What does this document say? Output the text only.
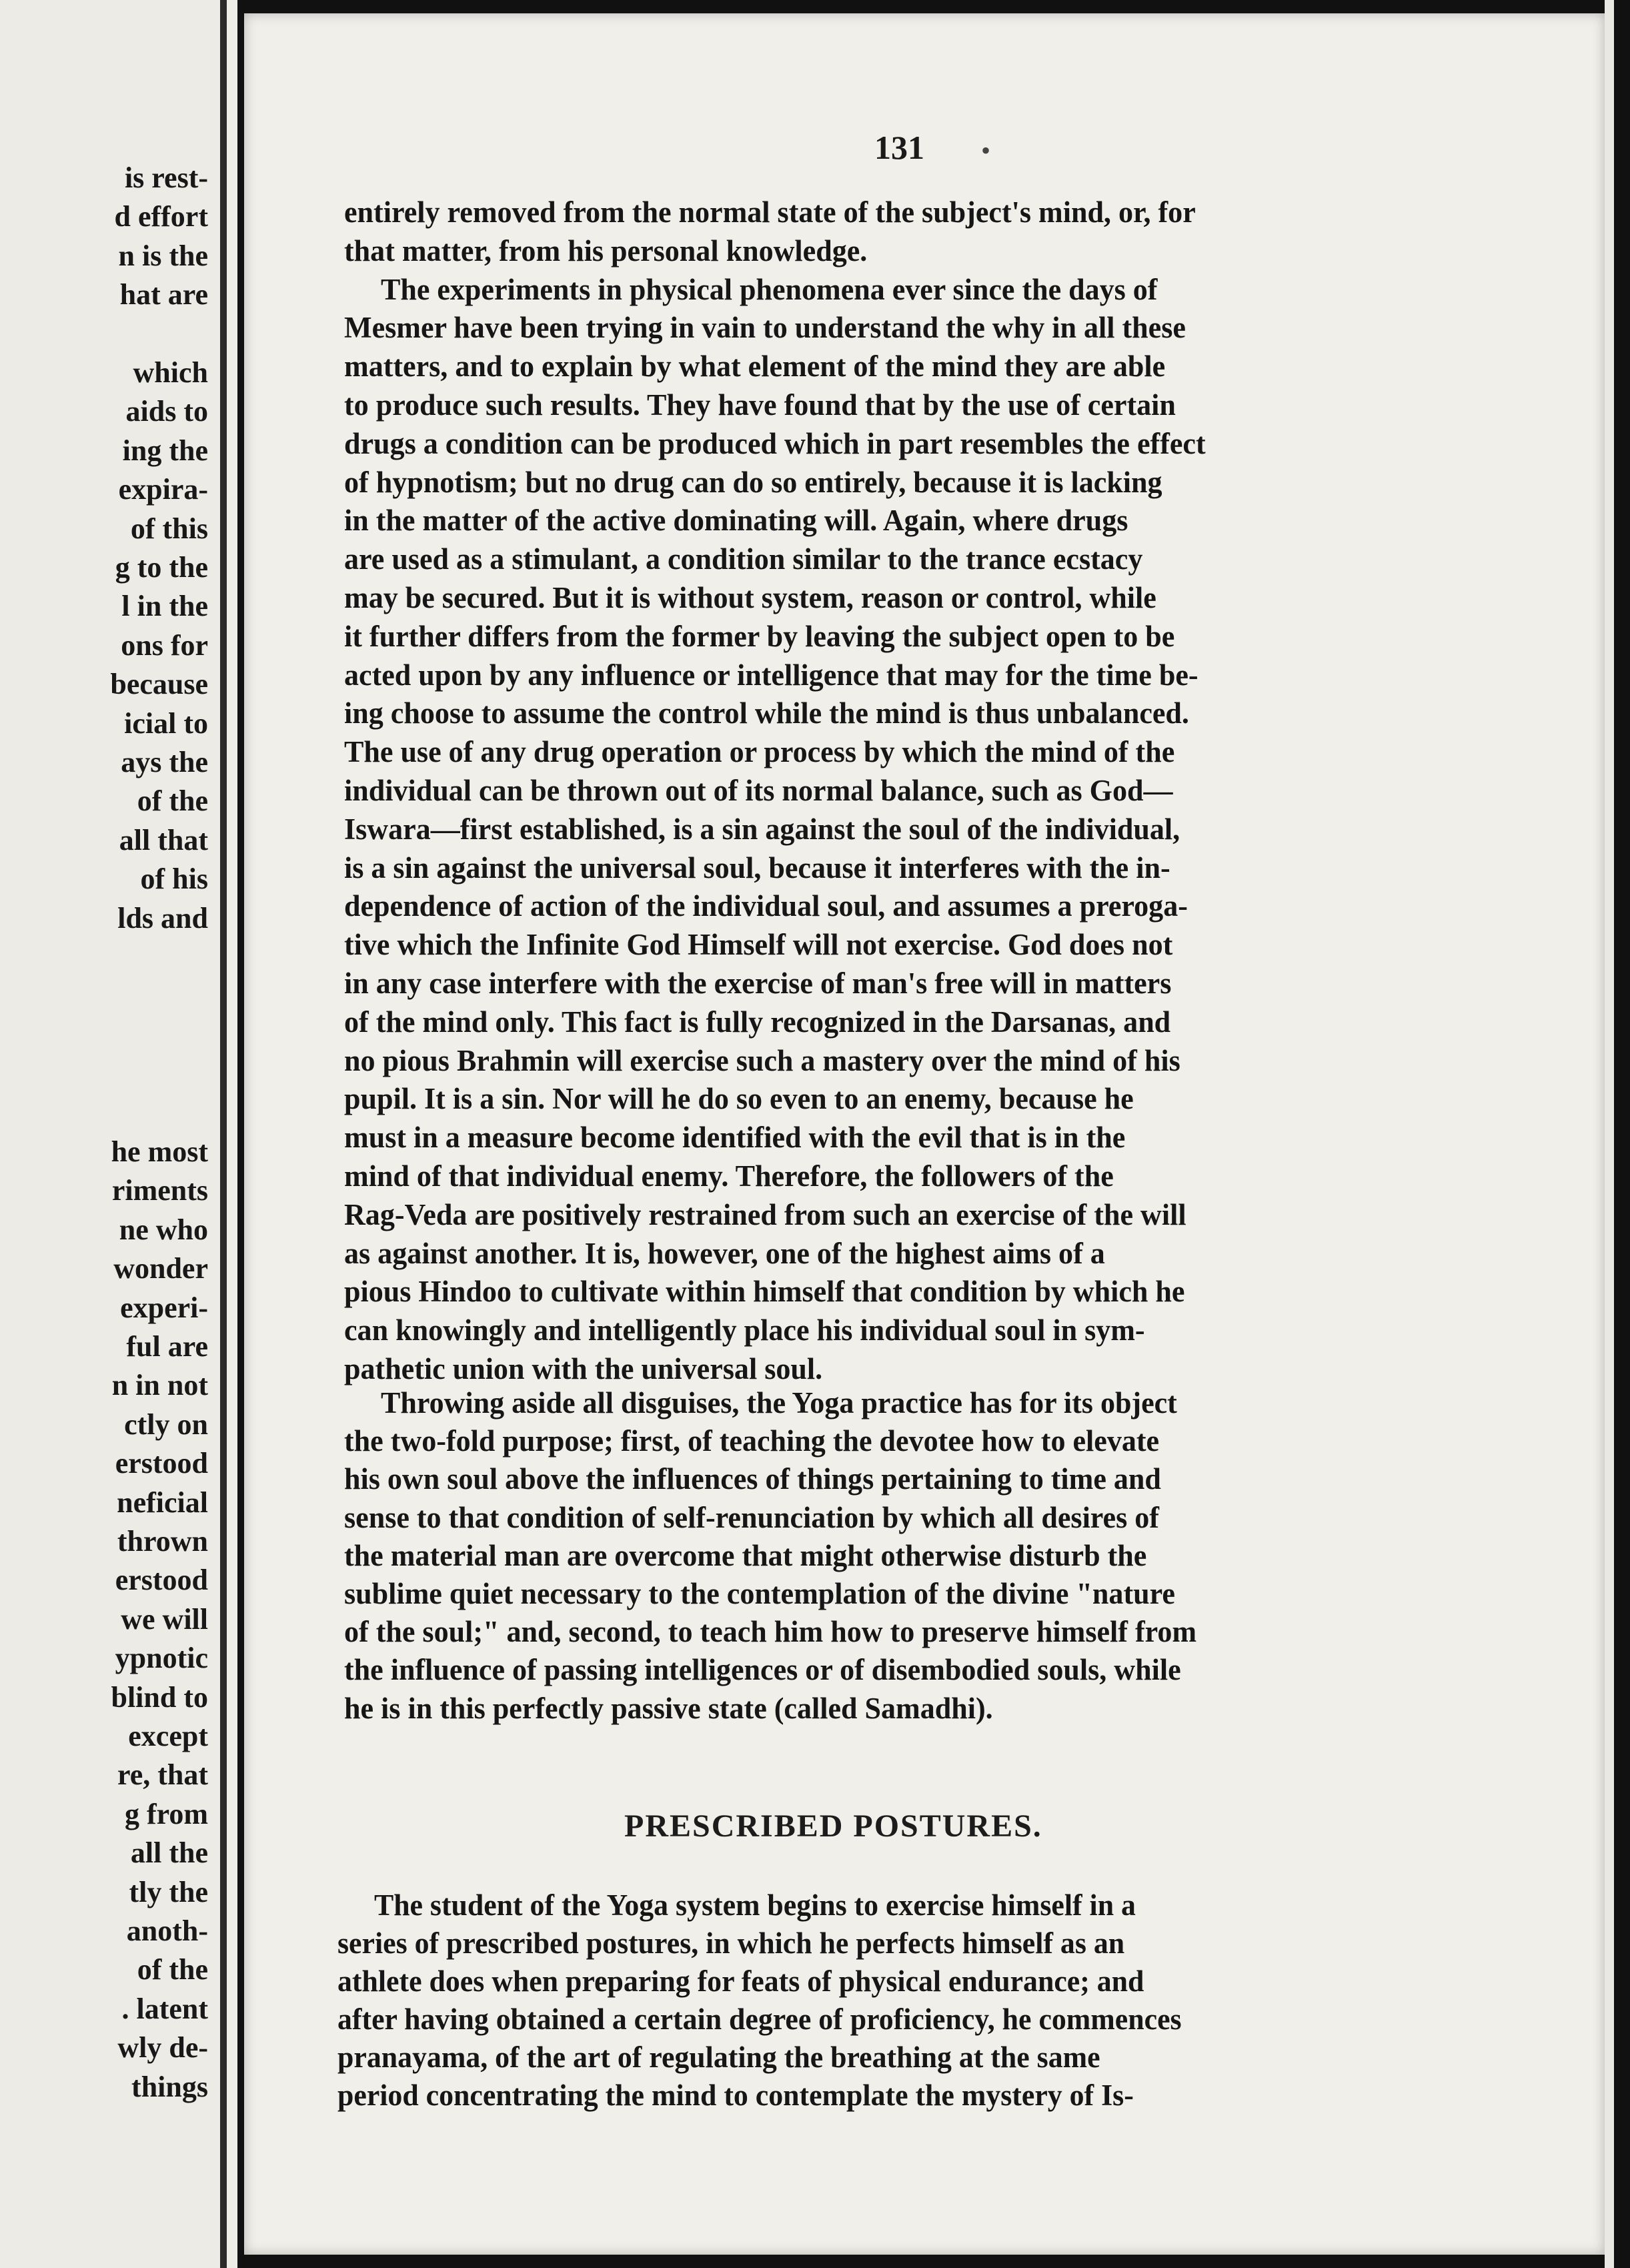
is rest-

d effort

n is the

hat are

which

aids to

ing the

expira-

of this

g to the

l in the

ons for

because

icial to

ays the

of the

all that

of his

lds and

he most

riments

ne who

wonder

experi-

ful are

n in not

ctly on

erstood

neficial

thrown

erstood

we will

ypnotic

blind to

except

re, that

g from

all the

tly the

anoth-

of the

. latent

wly de-

things

131 •

PRESCRIBED POSTURES.

entirely removed from the normal state of the subject's mind, or, for

that matter, from his personal knowledge.

The experiments in physical phenomena ever since the days of

Mesmer have been trying in vain to understand the why in all these

matters, and to explain by what element of the mind they are able

to produce such results. They have found that by the use of certain

drugs a condition can be produced which in part resembles the effect

of hypnotism; but no drug can do so entirely, because it is lacking

in the matter of the active dominating will. Again, where drugs

are used as a stimulant, a condition similar to the trance ecstacy

may be secured. But it is without system, reason or control, while

it further differs from the former by leaving the subject open to be

acted upon by any influence or intelligence that may for the time be-

ing choose to assume the control while the mind is thus unbalanced.

The use of any drug operation or process by which the mind of the

individual can be thrown out of its normal balance, such as God—

Iswara—first established, is a sin against the soul of the individual,

is a sin against the universal soul, because it interferes with the in-

dependence of action of the individual soul, and assumes a preroga-

tive which the Infinite God Himself will not exercise. God does not

in any case interfere with the exercise of man's free will in matters

of the mind only. This fact is fully recognized in the Darsanas, and

no pious Brahmin will exercise such a mastery over the mind of his

pupil. It is a sin. Nor will he do so even to an enemy, because he

must in a measure become identified with the evil that is in the

mind of that individual enemy. Therefore, the followers of the

Rag-Veda are positively restrained from such an exercise of the will

as against another. It is, however, one of the highest aims of a

pious Hindoo to cultivate within himself that condition by which he

can knowingly and intelligently place his individual soul in sym-

pathetic union with the universal soul.

Throwing aside all disguises, the Yoga practice has for its object

the two-fold purpose; first, of teaching the devotee how to elevate

his own soul above the influences of things pertaining to time and

sense to that condition of self-renunciation by which all desires of

the material man are overcome that might otherwise disturb the

sublime quiet necessary to the contemplation of the divine "nature

of the soul;" and, second, to teach him how to preserve himself from

the influence of passing intelligences or of disembodied souls, while

he is in this perfectly passive state (called Samadhi).

The student of the Yoga system begins to exercise himself in a

series of prescribed postures, in which he perfects himself as an

athlete does when preparing for feats of physical endurance; and

after having obtained a certain degree of proficiency, he commences

pranayama, of the art of regulating the breathing at the same

period concentrating the mind to contemplate the mystery of Is-
